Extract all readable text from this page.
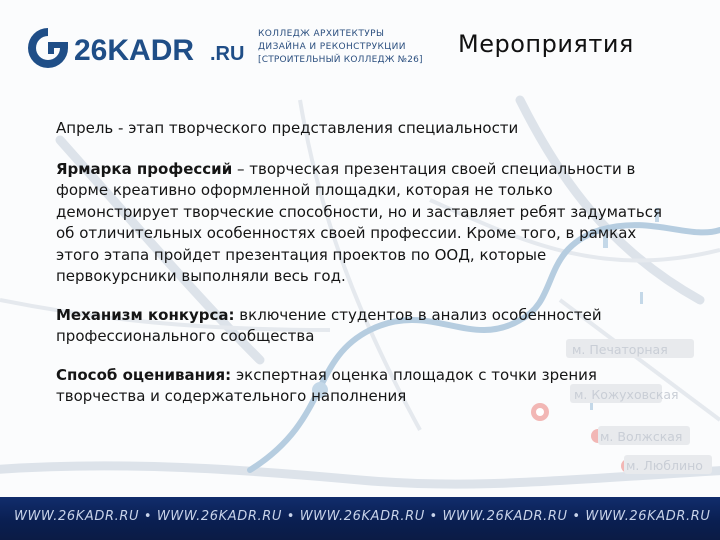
м. Печаторная
м. Кожуховская
м. Волжская
м. Люблино
26KADR .RU
КОЛЛЕДЖ АРХИТЕКТУРЫ
ДИЗАЙНА И РЕКОНСТРУКЦИИ
[СТРОИТЕЛЬНЫЙ КОЛЛЕДЖ №26]
Мероприятия

Апрель - этап творческого представления специальности

Ярмарка профессий – творческая презентация своей специальности в форме креативно оформленной площадки, которая не только демонстрирует творческие способности, но и заставляет ребят задуматься об отличительных особенностях своей профессии. Кроме того, в рамках этого этапа пройдет презентация проектов по ООД, которые первокурсники выполняли весь год.

Механизм конкурса: включение студентов в анализ особенностей профессионального сообщества

Способ оценивания: экспертная оценка площадок с точки зрения творчества и содержательного наполнения

WWW.26KADR.RU • WWW.26KADR.RU • WWW.26KADR.RU • WWW.26KADR.RU • WWW.26KADR.RU
